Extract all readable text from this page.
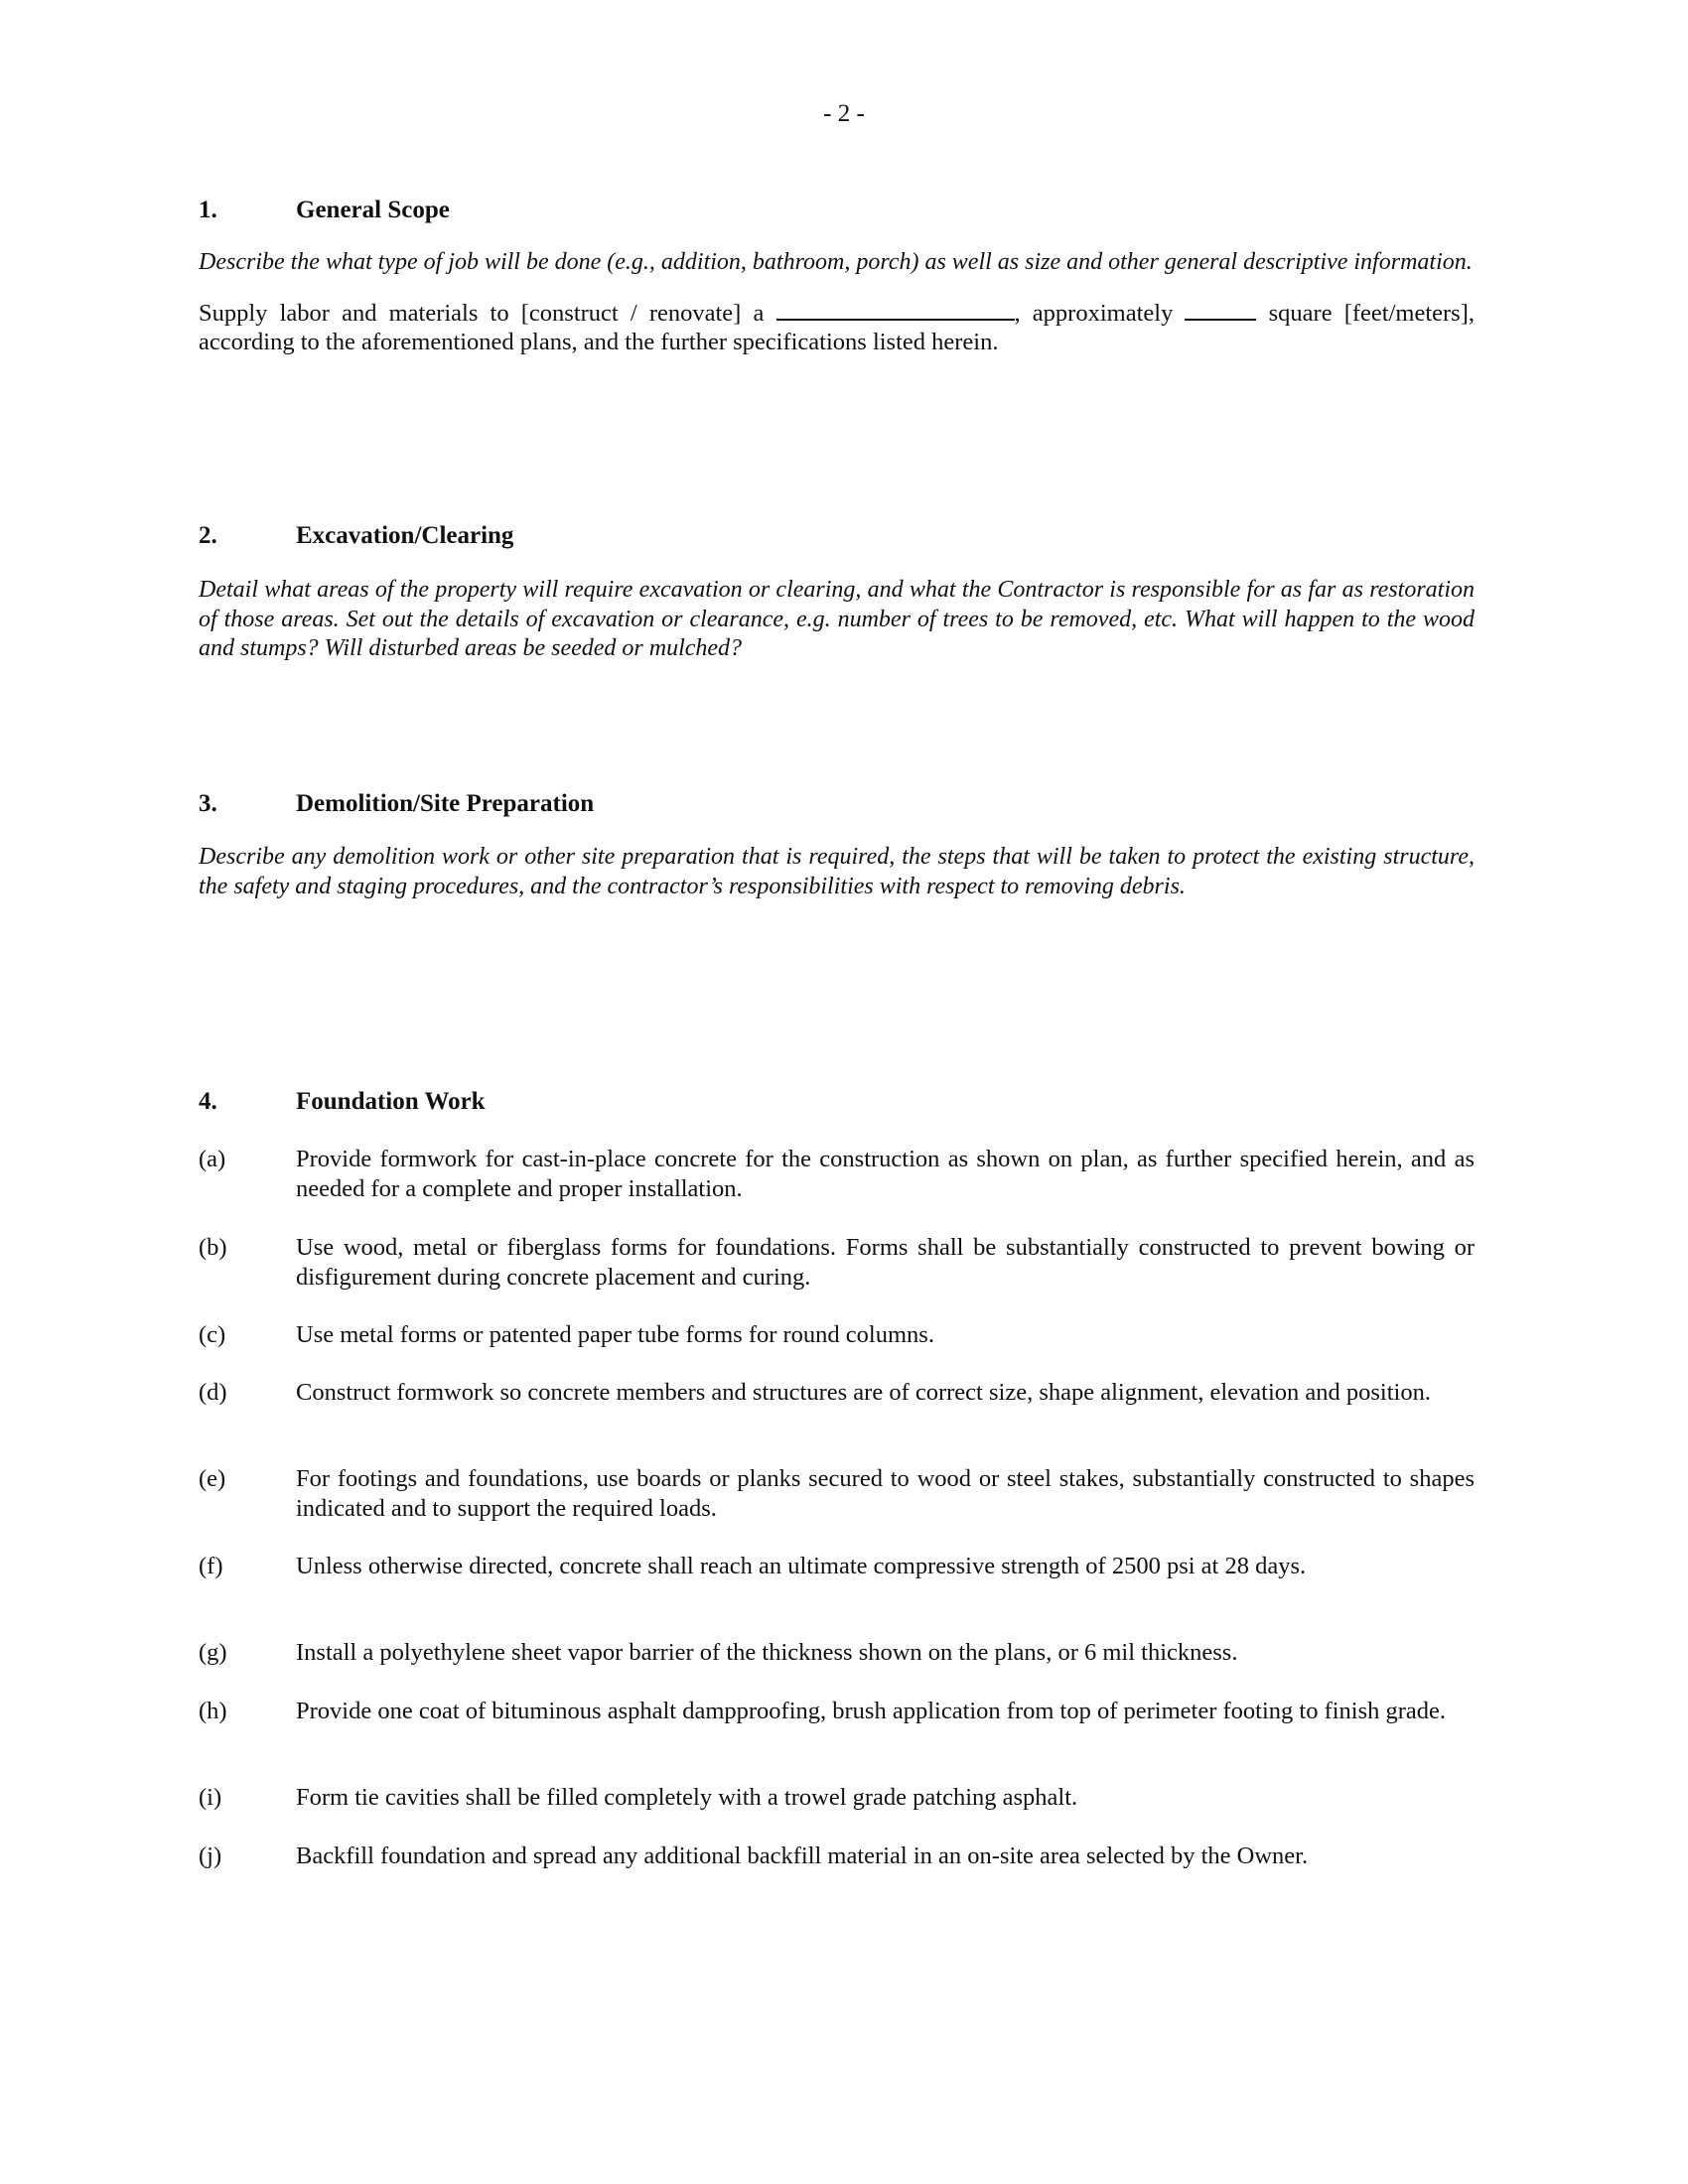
- 2 -
1.	General Scope
Describe the what type of job will be done (e.g., addition, bathroom, porch) as well as size and other general descriptive information.
Supply labor and materials to [construct / renovate] a	, approximately	square [feet/meters], according to the aforementioned plans, and the further specifications listed herein.
2.	Excavation/Clearing
Detail what areas of the property will require excavation or clearing, and what the Contractor is responsible for as far as restoration of those areas. Set out the details of excavation or clearance, e.g. number of trees to be removed, etc. What will happen to the wood and stumps? Will disturbed areas be seeded or mulched?
3.	Demolition/Site Preparation
Describe any demolition work or other site preparation that is required, the steps that will be taken to protect the existing structure, the safety and staging procedures, and the contractor’s responsibilities with respect to removing debris.
4.	Foundation Work
(a)	Provide formwork for cast-in-place concrete for the construction as shown on plan, as further specified herein, and as needed for a complete and proper installation.
(b)	Use wood, metal or fiberglass forms for foundations. Forms shall be substantially constructed to prevent bowing or disfigurement during concrete placement and curing.
(c)	Use metal forms or patented paper tube forms for round columns.
(d)	Construct formwork so concrete members and structures are of correct size, shape alignment, elevation and position.
(e)	For footings and foundations, use boards or planks secured to wood or steel stakes, substantially constructed to shapes indicated and to support the required loads.
(f)	Unless otherwise directed, concrete shall reach an ultimate compressive strength of 2500 psi at 28 days.
(g)	Install a polyethylene sheet vapor barrier of the thickness shown on the plans, or 6 mil thickness.
(h)	Provide one coat of bituminous asphalt dampproofing, brush application from top of perimeter footing to finish grade.
(i)	Form tie cavities shall be filled completely with a trowel grade patching asphalt.
(j)	Backfill foundation and spread any additional backfill material in an on-site area selected by the Owner.
